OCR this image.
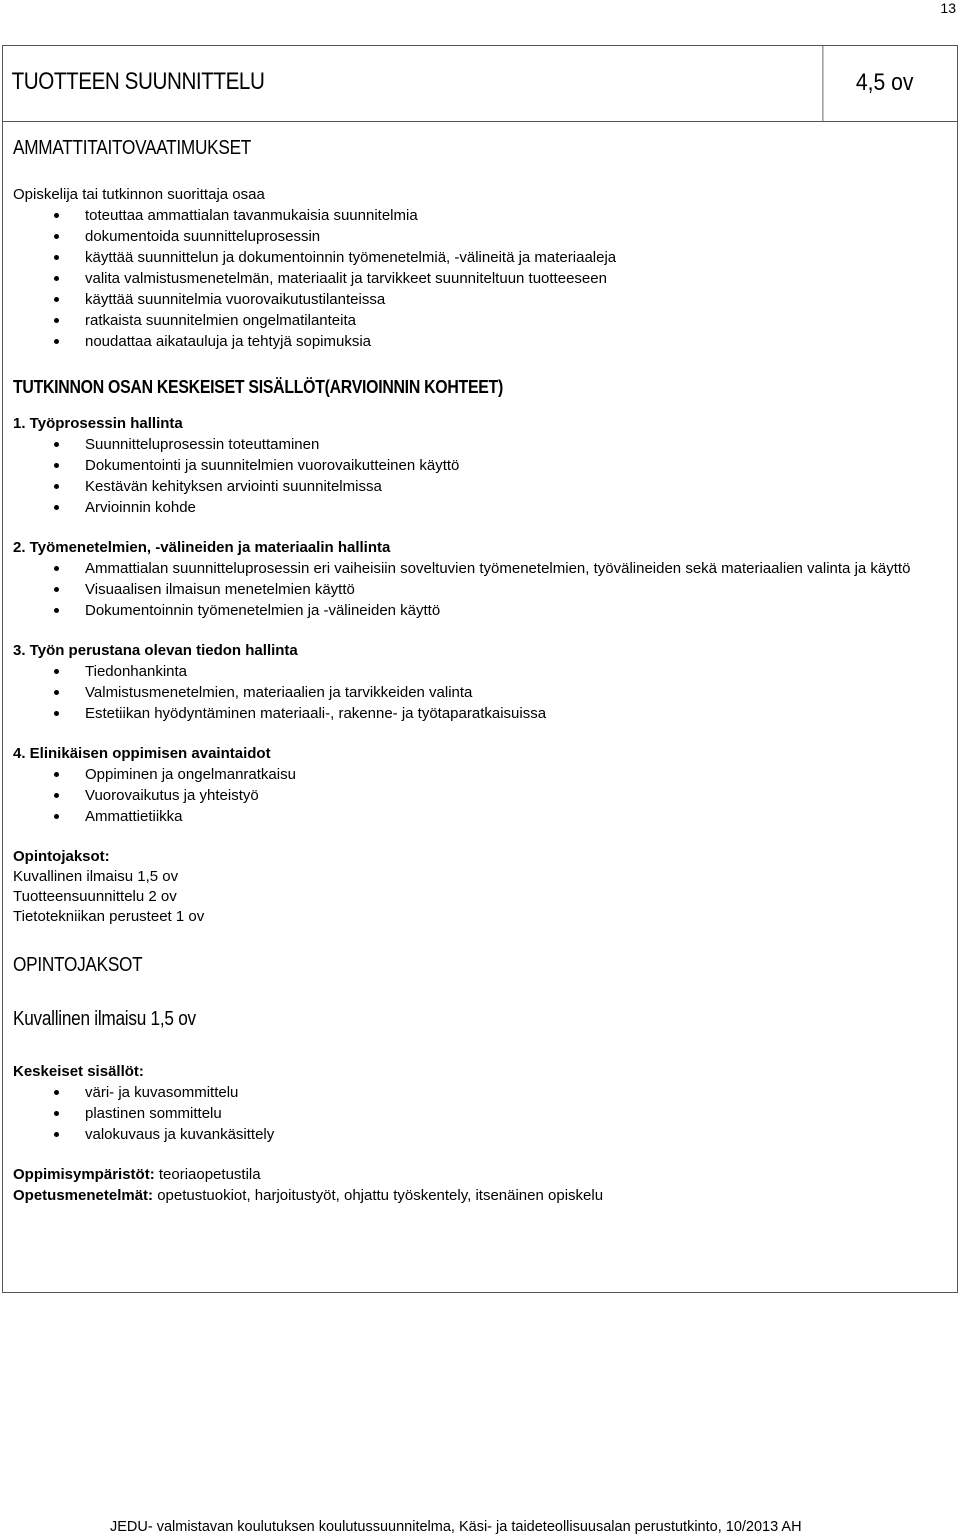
13
TUOTTEEN SUUNNITTELU	4,5 ov
AMMATTITAITOVAATIMUKSET
Opiskelija tai tutkinnon suorittaja osaa
toteuttaa ammattialan tavanmukaisia suunnitelmia
dokumentoida suunnitteluprosessin
käyttää suunnittelun ja dokumentoinnin työmenetelmiä, -välineitä ja materiaaleja
valita valmistusmenetelmän, materiaalit ja tarvikkeet suunniteltuun tuotteeseen
käyttää suunnitelmia vuorovaikutustilanteissa
ratkaista suunnitelmien ongelmatilanteita
noudattaa aikatauluja ja tehtyjä sopimuksia
TUTKINNON OSAN KESKEISET SISÄLLÖT(ARVIOINNIN KOHTEET)
1. Työprosessin hallinta
Suunnitteluprosessin toteuttaminen
Dokumentointi ja suunnitelmien vuorovaikutteinen käyttö
Kestävän kehityksen arviointi suunnitelmissa
Arvioinnin kohde
2. Työmenetelmien, -välineiden ja materiaalin hallinta
Ammattialan suunnitteluprosessin eri vaiheisiin soveltuvien työmenetelmien, työvälineiden sekä materiaalien valinta ja käyttö
Visuaalisen ilmaisun menetelmien käyttö
Dokumentoinnin työmenetelmien ja -välineiden käyttö
3. Työn perustana olevan tiedon hallinta
Tiedonhankinta
Valmistusmenetelmien, materiaalien ja tarvikkeiden valinta
Estetiikan hyödyntäminen materiaali-, rakenne- ja työtaparatkaisuissa
4. Elinikäisen oppimisen avaintaidot
Oppiminen ja ongelmanratkaisu
Vuorovaikutus ja yhteistyö
Ammattietiikka
Opintojaksot:
Kuvallinen ilmaisu 1,5 ov
Tuotteensuunnittelu 2 ov
Tietotekniikan perusteet 1 ov
OPINTOJAKSOT
Kuvallinen ilmaisu 1,5 ov
Keskeiset sisällöt:
väri- ja kuvasommittelu
plastinen sommittelu
valokuvaus ja kuvankäsittely
Oppimisympäristöt: teoriaopetustila
Opetusmenetelmät: opetustuokiot, harjoitustyöt, ohjattu työskentely, itsenäinen opiskelu
JEDU- valmistavan koulutuksen koulutussuunnitelma, Käsi- ja taideteollisuusalan perustutkinto, 10/2013 AH
